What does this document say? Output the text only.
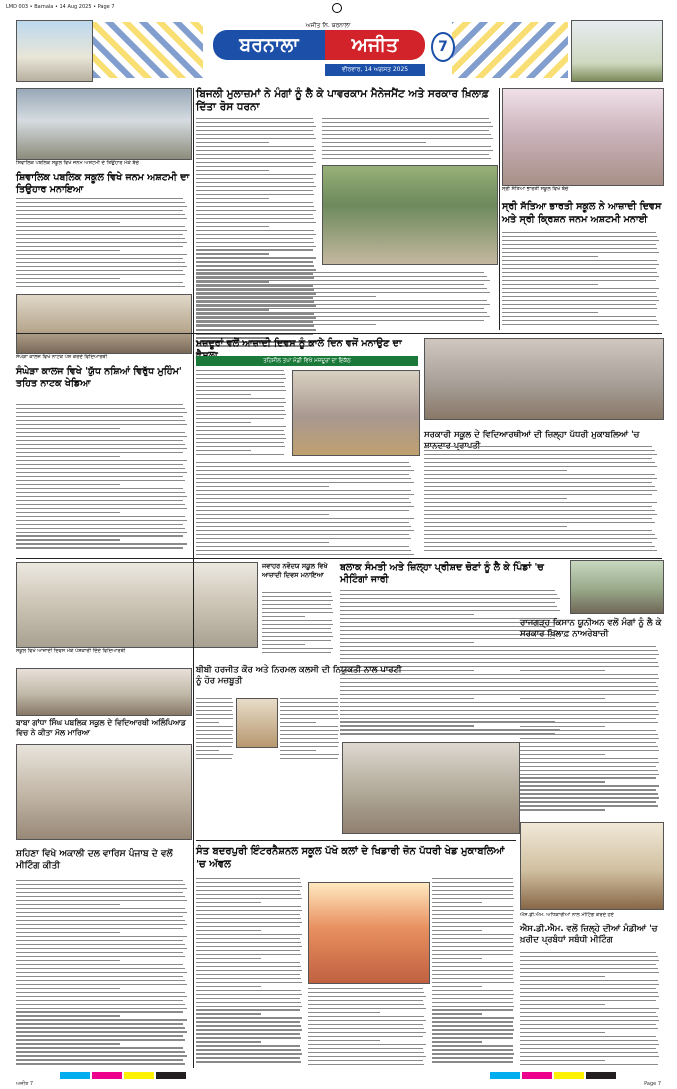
LMD 003 • Barnala • 14 Aug 2025 • Page 7
ਅਜੀਤ ਨਿ. ਬਰਨਾਲਾ
ਬਰਨਾਲਾ	ਅਜੀਤ	7
ਵੀਰਵਾਰ, 14 ਅਗਸਤ 2025
ਸ਼ਿਵਾਲਿਕ ਪਬਲਿਕ ਸਕੂਲ ਵਿਖੇ ਜਨਮ ਅਸ਼ਟਮੀ ਦੇ ਤਿਉਹਾਰ ਮੌਕੇ ਬੱਚੇ
ਬਿਜਲੀ ਮੁਲਾਜ਼ਮਾਂ ਨੇ ਮੰਗਾਂ ਨੂੰ ਲੈ ਕੇ ਪਾਵਰਕਾਮ ਮੈਨੇਜਮੈਂਟ ਅਤੇ ਸਰਕਾਰ ਖ਼ਿਲਾਫ਼ ਦਿੱਤਾ ਰੋਸ ਧਰਨਾ
ਸ੍ਰੀ ਸੱਤਿਆ ਭਾਰਤੀ ਸਕੂਲ ਵਿਖੇ ਬੱਚੇ
ਸ੍ਰੀ ਸੱਤਿਆ ਭਾਰਤੀ ਸਕੂਲ ਨੇ ਆਜ਼ਾਦੀ ਦਿਵਸ ਅਤੇ ਸ੍ਰੀ ਕ੍ਰਿਸ਼ਨ ਜਨਮ ਅਸ਼ਟਮੀ ਮਨਾਈ
ਸ਼ਿਵਾਲਿਕ ਪਬਲਿਕ ਸਕੂਲ ਵਿਖੇ ਜਨਮ ਅਸ਼ਟਮੀ ਦਾ ਤਿਉਹਾਰ ਮਨਾਇਆ
ਸੰਘੇੜਾ ਕਾਲਜ ਵਿਖੇ ਨਾਟਕ ਪੇਸ਼ ਕਰਦੇ ਵਿਦਿਆਰਥੀ
ਮਜ਼ਦੂਰਾਂ ਵਲੋਂ ਆਜ਼ਾਦੀ ਦਿਵਸ ਨੂੰ ਕਾਲੇ ਦਿਨ ਵਜੋਂ ਮਨਾਉਣ ਦਾ
ਤਹਿਸੀਲ ਤਪਾ ਮੰਡੀ ਵਿਖੇ ਮਜ਼ਦੂਰਾਂ ਦਾ ਇਕੱਠ
ਸਰਕਾਰੀ ਸਕੂਲ ਦੇ ਵਿਦਿਆਰਥੀਆਂ ਦੀ ਜ਼ਿਲ੍ਹਾ ਪੱਧਰੀ ਮੁਕਾਬਲਿਆਂ 'ਚ
ਸੰਘੇੜਾ ਕਾਲਜ ਵਿਖੇ 'ਯੁੱਧ ਨਸ਼ਿਆਂ ਵਿਰੁੱਧ ਮੁਹਿੰਮ' ਤਹਿਤ ਨਾਟਕ ਖੇਡਿਆ
ਸਕੂਲ ਵਿਖੇ ਆਜ਼ਾਦੀ ਦਿਵਸ ਮੌਕੇ ਪੇਸ਼ਕਾਰੀ ਦਿੰਦੇ ਵਿਦਿਆਰਥੀ
ਜਵਾਹਰ ਨਵੋਦਯ ਸਕੂਲ ਵਿਖੇ ਆਜ਼ਾਦੀ ਦਿਵਸ ਮਨਾਇਆ
ਬਲਾਕ ਸੰਮਤੀ ਅਤੇ ਜ਼ਿਲ੍ਹਾ ਪ੍ਰੀਸ਼ਦ ਚੋਣਾਂ ਨੂੰ ਲੈ ਕੇ ਪਿੰਡਾਂ 'ਚ ਮੀਟਿੰਗਾਂ ਜਾਰੀ
ਰਾਜਗੜ੍ਹ ਕਿਸਾਨ ਯੂਨੀਅਨ ਵਲੋਂ ਮੰਗਾਂ ਨੂੰ ਲੈ ਕੇ ਸਰਕਾਰ ਖ਼ਿਲਾਫ਼ ਨਾਅਰੇਬਾਜ਼ੀ
ਬਾਬਾ ਗਾਂਧਾ ਸਿੰਘ ਪਬਲਿਕ ਸਕੂਲ ਦੇ ਵਿਦਿਆਰਥੀ ਅਲਿੰਪਿਆਡ ਵਿਚ ਨੇ ਕੀਤਾ ਮੱਲ ਮਾਰਿਆ
ਬੀਬੀ ਹਰਜੀਤ ਕੌਰ ਅਤੇ ਨਿਰਮਲ ਕਲਸੀ ਦੀ ਨਿਯੁਕਤੀ ਨਾਲ ਪਾਰਟੀ ਨੂੰ ਹੋਰ ਮਜ਼ਬੂਤੀ
ਸੰਤ ਬਦਰਪੁਰੀ ਇੰਟਰਨੈਸ਼ਨਲ ਸਕੂਲ ਪੱਖੋ ਕਲਾਂ ਦੇ ਖਿਡਾਰੀ ਜ਼ੋਨ ਪੱਧਰੀ ਖੇਡ ਮੁਕਾਬਲਿਆਂ 'ਚ ਅੱਵਲ
ਸ਼ਹਿਣਾ ਵਿਖੇ ਅਕਾਲੀ ਦਲ ਵਾਰਿਸ ਪੰਜਾਬ ਦੇ ਵਲੋਂ ਮੀਟਿੰਗ ਕੀਤੀ
ਐਸ.ਡੀ.ਐਮ. ਅਧਿਕਾਰੀਆਂ ਨਾਲ ਮੀਟਿੰਗ ਕਰਦੇ ਹੋਏ
ਐਸ.ਡੀ.ਐਮ. ਵਲੋਂ ਜ਼ਿਲ੍ਹੇ ਦੀਆਂ ਮੰਡੀਆਂ 'ਚ ਖ਼ਰੀਦ ਪ੍ਰਬੰਧਾਂ ਸਬੰਧੀ ਮੀਟਿੰਗ
ਅਜੀਤ 7	Page 7
